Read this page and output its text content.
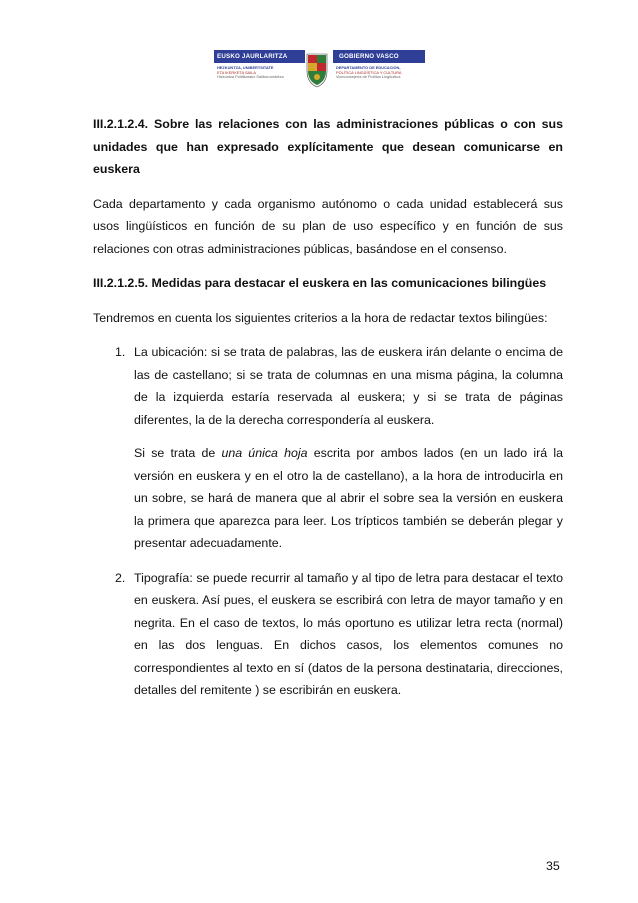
EUSKO JAURLARITZA	GOBIERNO VASCO
HEZKUNTZA, UNIBERTSITATE
ETA IKERKETA SAILA
Hizkuntza Politikarako Sailburuordetza
DEPARTAMENTO DE EDUCACIÓN,
POLÍTICA LINGÜÍSTICA Y CULTURA
Viceconsejería de Política Lingüística

III.2.1.2.4. Sobre las relaciones con las administraciones públicas o con sus unidades que han expresado explícitamente que desean comunicarse en euskera

Cada departamento y cada organismo autónomo o cada unidad establecerá sus usos lingüísticos en función de su plan de uso específico y en función de sus relaciones con otras administraciones públicas, basándose en el consenso.

III.2.1.2.5. Medidas para destacar el euskera en las comunicaciones bilingües

Tendremos en cuenta los siguientes criterios a la hora de redactar textos bilingües:

1. La ubicación: si se trata de palabras, las de euskera irán delante o encima de las de castellano; si se trata de columnas en una misma página, la columna de la izquierda estaría reservada al euskera; y si se trata de páginas diferentes, la de la derecha correspondería al euskera.

Si se trata de una única hoja escrita por ambos lados (en un lado irá la versión en euskera y en el otro la de castellano), a la hora de introducirla en un sobre, se hará de manera que al abrir el sobre sea la versión en euskera la primera que aparezca para leer. Los trípticos también se deberán plegar y presentar adecuadamente.

2. Tipografía: se puede recurrir al tamaño y al tipo de letra para destacar el texto en euskera. Así pues, el euskera se escribirá con letra de mayor tamaño y en negrita. En el caso de textos, lo más oportuno es utilizar letra recta (normal) en las dos lenguas. En dichos casos, los elementos comunes no correspondientes al texto en sí (datos de la persona destinataria, direcciones, detalles del remitente ) se escribirán en euskera.

35
